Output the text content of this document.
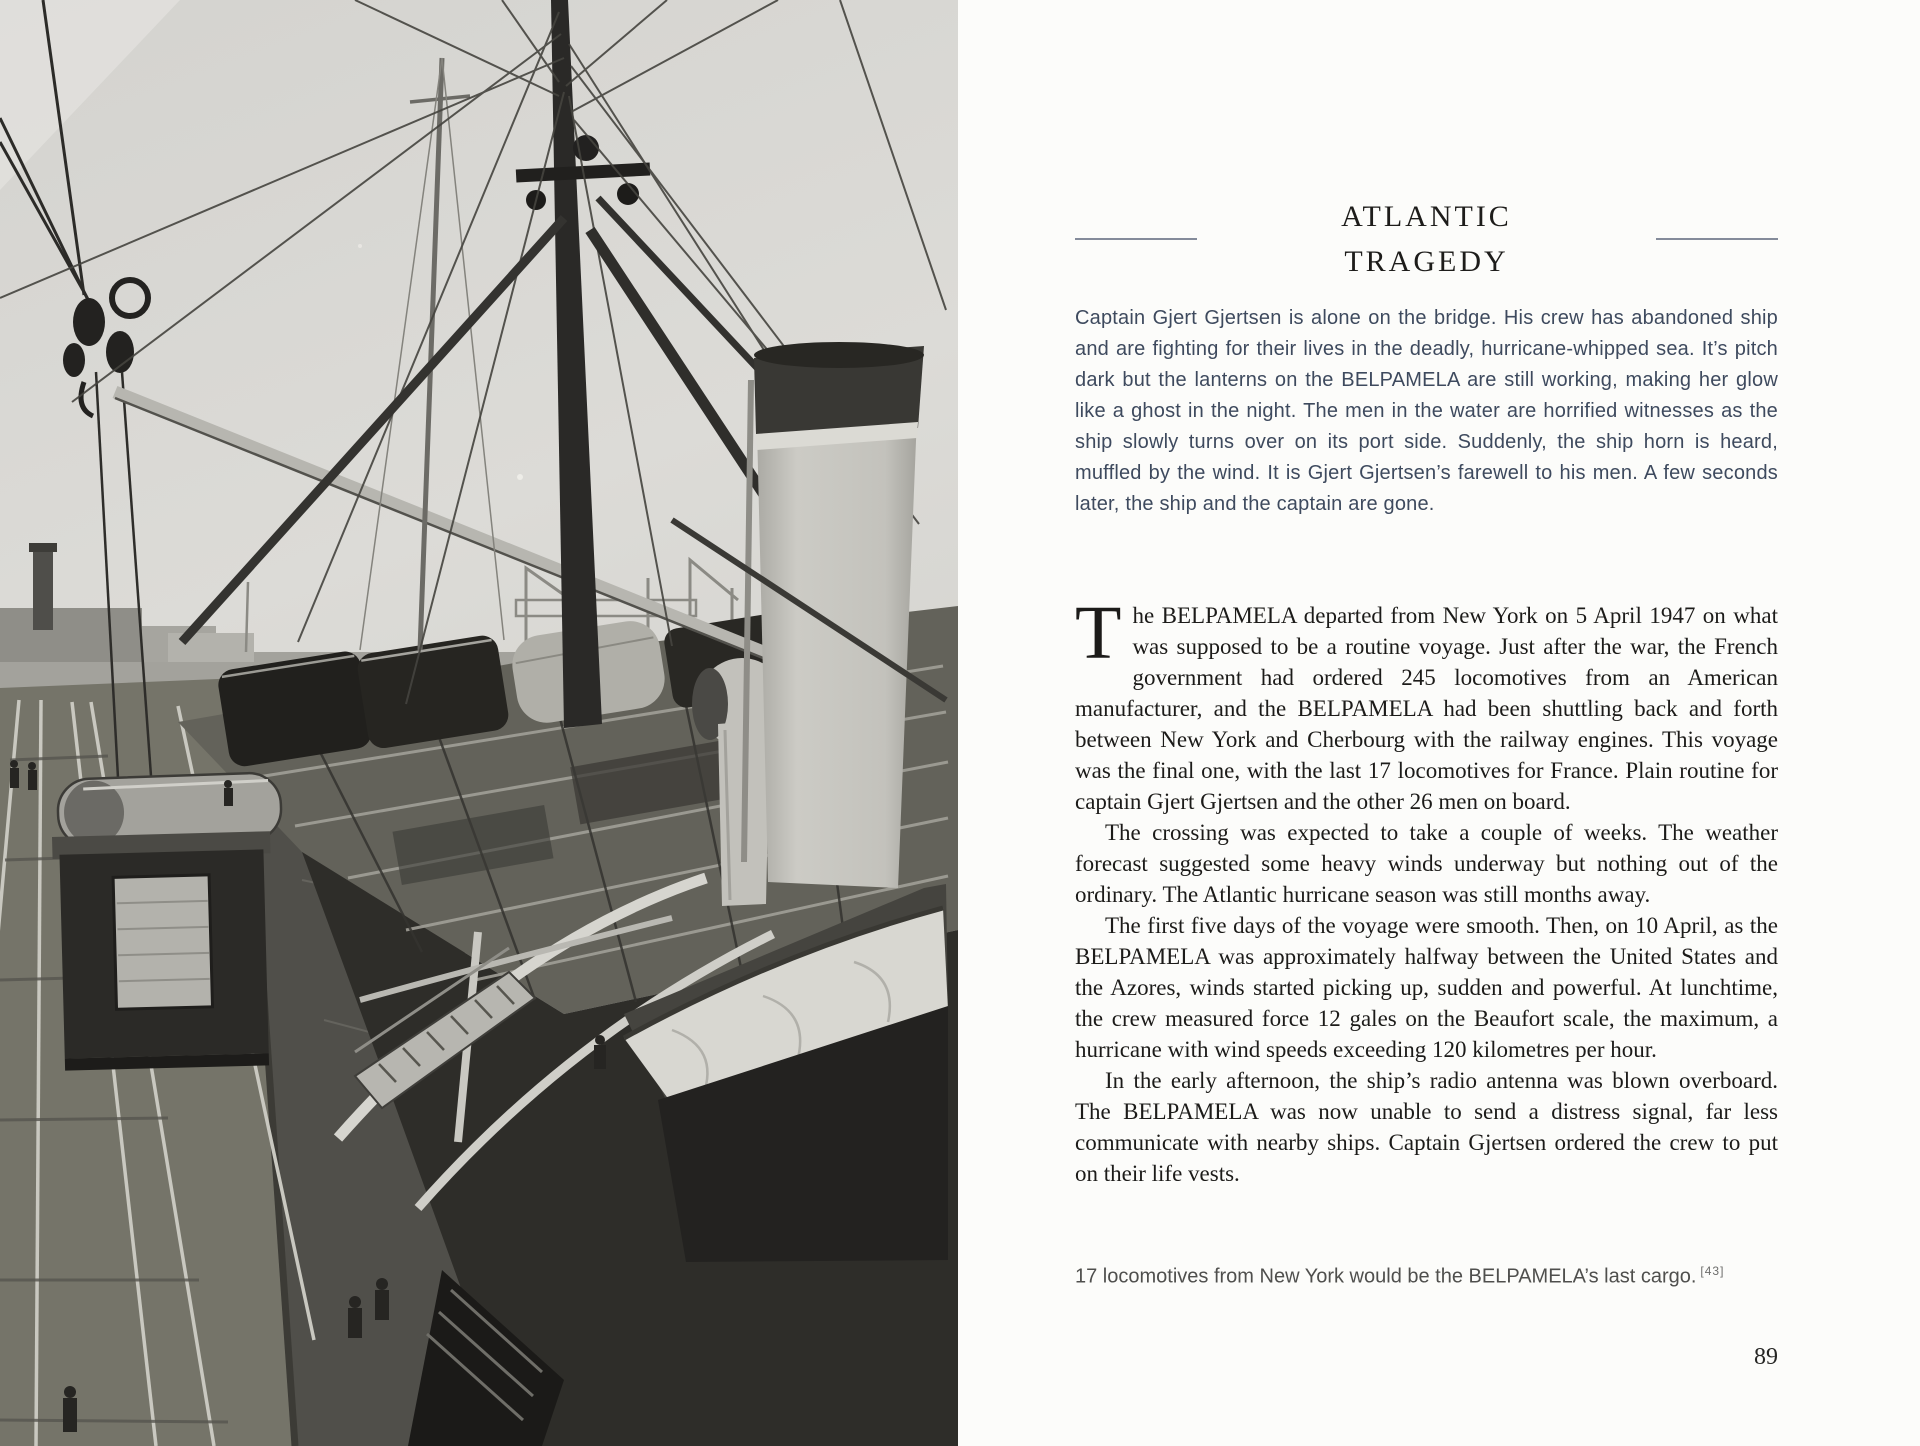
ATLANTIC
TRAGEDY

Captain Gjert Gjertsen is alone on the bridge. His crew has abandoned ship and are fighting for their lives in the deadly, hurricane-whipped sea. It’s pitch dark but the lanterns on the BELPAMELA are still working, making her glow like a ghost in the night. The men in the water are horrified witnesses as the ship slowly turns over on its port side. Suddenly, the ship horn is heard, muffled by the wind. It is Gjert Gjertsen’s farewell to his men. A few seconds later, the ship and the captain are gone.

The BELPAMELA departed from New York on 5 April 1947 on what was supposed to be a routine voyage. Just after the war, the French government had ordered 245 locomotives from an American manufacturer, and the BELPAMELA had been shuttling back and forth between New York and Cherbourg with the railway engines. This voyage was the final one, with the last 17 locomotives for France. Plain routine for captain Gjert Gjertsen and the other 26 men on board.

The crossing was expected to take a couple of weeks. The weather forecast suggested some heavy winds underway but nothing out of the ordinary. The Atlantic hurricane season was still months away.

The first five days of the voyage were smooth. Then, on 10 April, as the BELPAMELA was approximately halfway between the United States and the Azores, winds started picking up, sudden and powerful. At lunchtime, the crew measured force 12 gales on the Beaufort scale, the maximum, a hurricane with wind speeds exceeding 120 kilometres per hour.

In the early afternoon, the ship’s radio antenna was blown overboard. The BELPAMELA was now unable to send a distress signal, far less communicate with nearby ships. Captain Gjertsen ordered the crew to put on their life vests.

17 locomotives from New York would be the BELPAMELA’s last cargo. [43]

89
